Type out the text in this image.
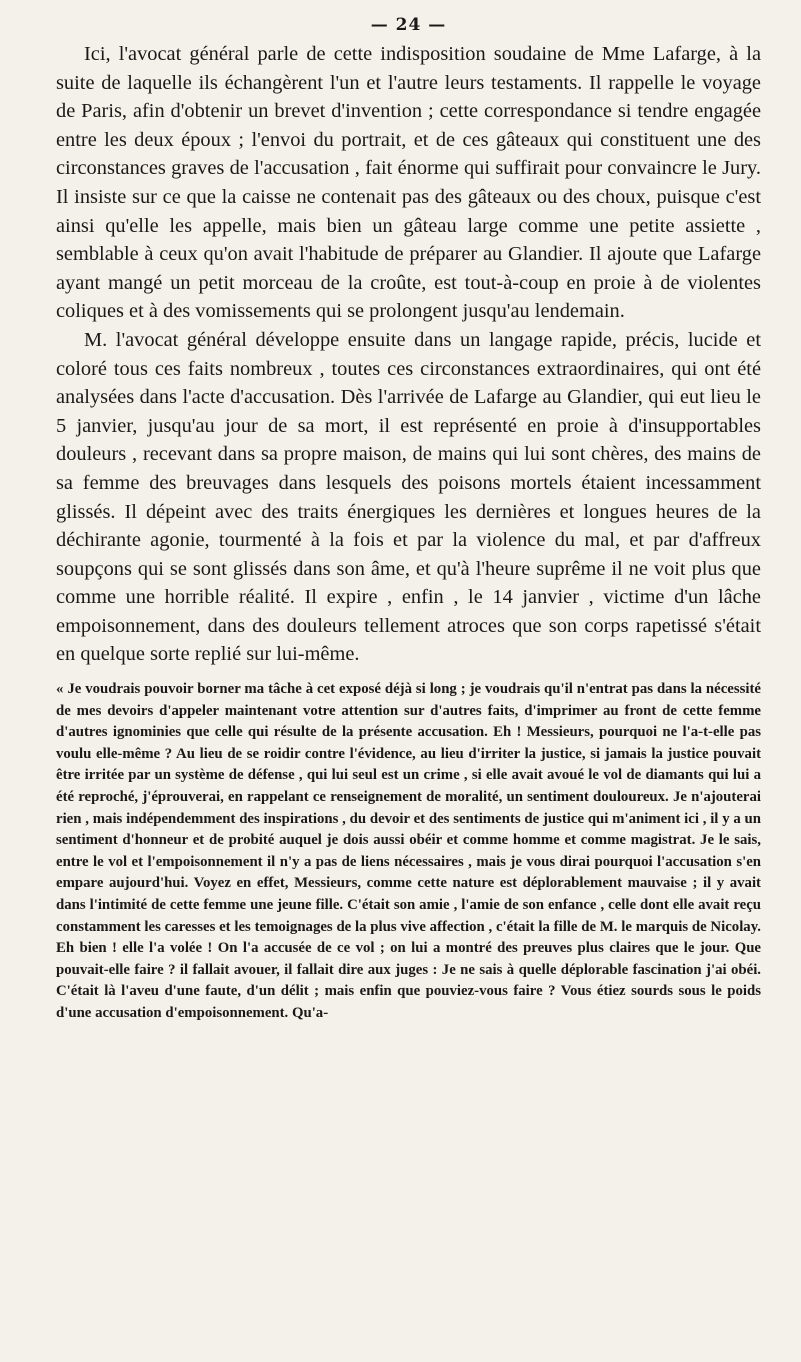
— 24 —

Ici, l'avocat général parle de cette indisposition soudaine de Mme Lafarge, à la suite de laquelle ils échangèrent l'un et l'autre leurs testaments. Il rappelle le voyage de Paris, afin d'obtenir un brevet d'invention ; cette correspondance si tendre engagée entre les deux époux ; l'envoi du portrait, et de ces gâteaux qui constituent une des circonstances graves de l'accusation , fait énorme qui suffirait pour convaincre le Jury. Il insiste sur ce que la caisse ne contenait pas des gâteaux ou des choux, puisque c'est ainsi qu'elle les appelle, mais bien un gâteau large comme une petite assiette , semblable à ceux qu'on avait l'habitude de préparer au Glandier. Il ajoute que Lafarge ayant mangé un petit morceau de la croûte, est tout-à-coup en proie à de violentes coliques et à des vomissements qui se prolongent jusqu'au lendemain.

M. l'avocat général développe ensuite dans un langage rapide, précis, lucide et coloré tous ces faits nombreux , toutes ces circonstances extraordinaires, qui ont été analysées dans l'acte d'accusation. Dès l'arrivée de Lafarge au Glandier, qui eut lieu le 5 janvier, jusqu'au jour de sa mort, il est représenté en proie à d'insupportables douleurs , recevant dans sa propre maison, de mains qui lui sont chères, des mains de sa femme des breuvages dans lesquels des poisons mortels étaient incessamment glissés. Il dépeint avec des traits énergiques les dernières et longues heures de la déchirante agonie, tourmenté à la fois et par la violence du mal, et par d'affreux soupçons qui se sont glissés dans son âme, et qu'à l'heure suprême il ne voit plus que comme une horrible réalité. Il expire , enfin , le 14 janvier , victime d'un lâche empoisonnement, dans des douleurs tellement atroces que son corps rapetissé s'était en quelque sorte replié sur lui-même.

« Je voudrais pouvoir borner ma tâche à cet exposé déjà si long ; je voudrais qu'il n'entrat pas dans la nécessité de mes devoirs d'appeler maintenant votre attention sur d'autres faits, d'imprimer au front de cette femme d'autres ignominies que celle qui résulte de la présente accusation. Eh ! Messieurs, pourquoi ne l'a-t-elle pas voulu elle-même ? Au lieu de se roidir contre l'évidence, au lieu d'irriter la justice, si jamais la justice pouvait être irritée par un système de défense , qui lui seul est un crime , si elle avait avoué le vol de diamants qui lui a été reproché, j'éprouverai, en rappelant ce renseignement de moralité, un sentiment douloureux. Je n'ajouterai rien , mais indépendemment des inspirations , du devoir et des sentiments de justice qui m'animent ici , il y a un sentiment d'honneur et de probité auquel je dois aussi obéir et comme homme et comme magistrat. Je le sais, entre le vol et l'empoisonnement il n'y a pas de liens nécessaires , mais je vous dirai pourquoi l'accusation s'en empare aujourd'hui. Voyez en effet, Messieurs, comme cette nature est déplorablement mauvaise ; il y avait dans l'intimité de cette femme une jeune fille. C'était son amie , l'amie de son enfance , celle dont elle avait reçu constamment les caresses et les temoignages de la plus vive affection , c'était la fille de M. le marquis de Nicolay. Eh bien ! elle l'a volée ! On l'a accusée de ce vol ; on lui a montré des preuves plus claires que le jour. Que pouvait-elle faire ? il fallait avouer, il fallait dire aux juges : Je ne sais à quelle déplorable fascination j'ai obéi. C'était là l'aveu d'une faute, d'un délit ; mais enfin que pouviez-vous faire ? Vous étiez sourds sous le poids d'une accusation d'empoisonnement. Qu'a-
